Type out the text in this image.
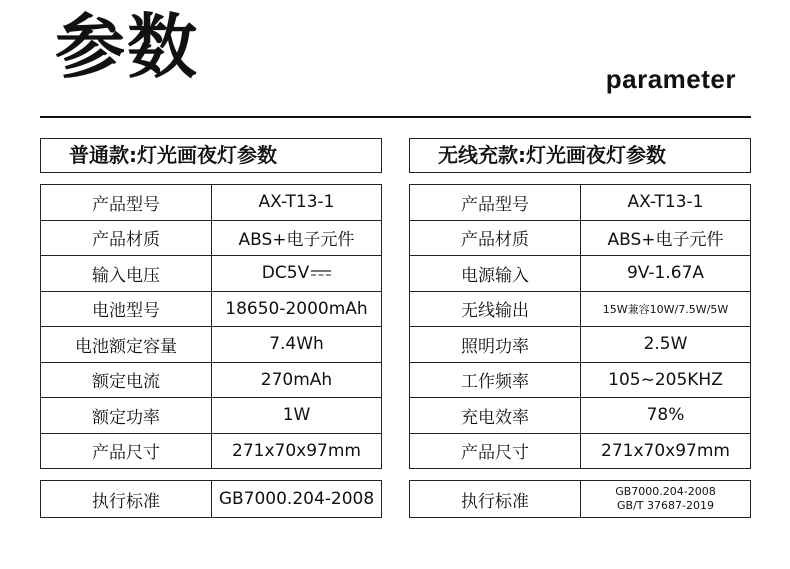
参数	parameter
普通款:灯光画夜灯参数
产品型号	AX-T13-1
产品材质	ABS+电子元件
输入电压	DC5V
电池型号	18650-2000mAh
电池额定容量	7.4Wh
额定电流	270mAh
额定功率	1W
产品尺寸	271x70x97mm
执行标准	GB7000.204-2008
无线充款:灯光画夜灯参数
产品型号	AX-T13-1
产品材质	ABS+电子元件
电源输入	9V-1.67A
无线输出	15W兼容10W/7.5W/5W
照明功率	2.5W
工作频率	105~205KHZ
充电效率	78%
产品尺寸	271x70x97mm
执行标准	GB7000.204-2008
GB/T 37687-2019
